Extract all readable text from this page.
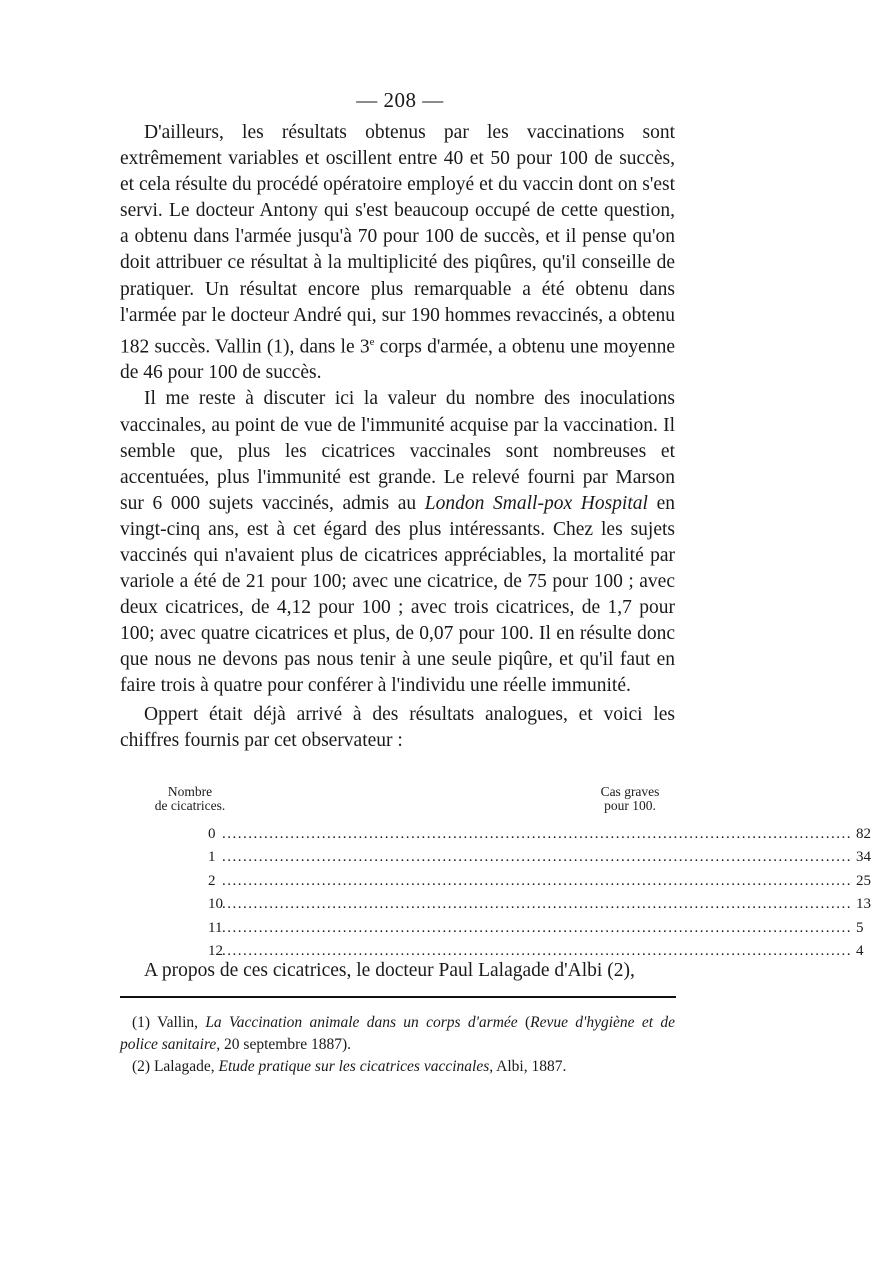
— 208 —

D'ailleurs, les résultats obtenus par les vaccinations sont extrêmement variables et oscillent entre 40 et 50 pour 100 de succès, et cela résulte du procédé opératoire employé et du vaccin dont on s'est servi. Le docteur Antony qui s'est beaucoup occupé de cette question, a obtenu dans l'armée jusqu'à 70 pour 100 de succès, et il pense qu'on doit attribuer ce résultat à la multiplicité des piqûres, qu'il conseille de pratiquer. Un résultat encore plus remarquable a été obtenu dans l'armée par le docteur André qui, sur 190 hommes revaccinés, a obtenu 182 succès. Vallin (1), dans le 3e corps d'armée, a obtenu une moyenne de 46 pour 100 de succès.

Il me reste à discuter ici la valeur du nombre des inoculations vaccinales, au point de vue de l'immunité acquise par la vaccination. Il semble que, plus les cicatrices vaccinales sont nombreuses et accentuées, plus l'immunité est grande. Le relevé fourni par Marson sur 6 000 sujets vaccinés, admis au London Small-pox Hospital en vingt-cinq ans, est à cet égard des plus intéressants. Chez les sujets vaccinés qui n'avaient plus de cicatrices appréciables, la mortalité par variole a été de 21 pour 100; avec une cicatrice, de 75 pour 100 ; avec deux cicatrices, de 4,12 pour 100 ; avec trois cicatrices, de 1,7 pour 100; avec quatre cicatrices et plus, de 0,07 pour 100. Il en résulte donc que nous ne devons pas nous tenir à une seule piqûre, et qu'il faut en faire trois à quatre pour conférer à l'individu une réelle immunité.

Oppert était déjà arrivé à des résultats analogues, et voici les chiffres fournis par cet observateur :

Nombre
de cicatrices.
Cas graves
pour 100.
0 ........................................................................................................................ 82
1 ........................................................................................................................ 34
2 ........................................................................................................................ 25
10 ........................................................................................................................ 13
11 ........................................................................................................................ 5
12 ........................................................................................................................ 4
A propos de ces cicatrices, le docteur Paul Lalagade d'Albi (2),

(1) Vallin, La Vaccination animale dans un corps d'armée (Revue d'hygiène et de police sanitaire, 20 septembre 1887).

(2) Lalagade, Etude pratique sur les cicatrices vaccinales, Albi, 1887.
